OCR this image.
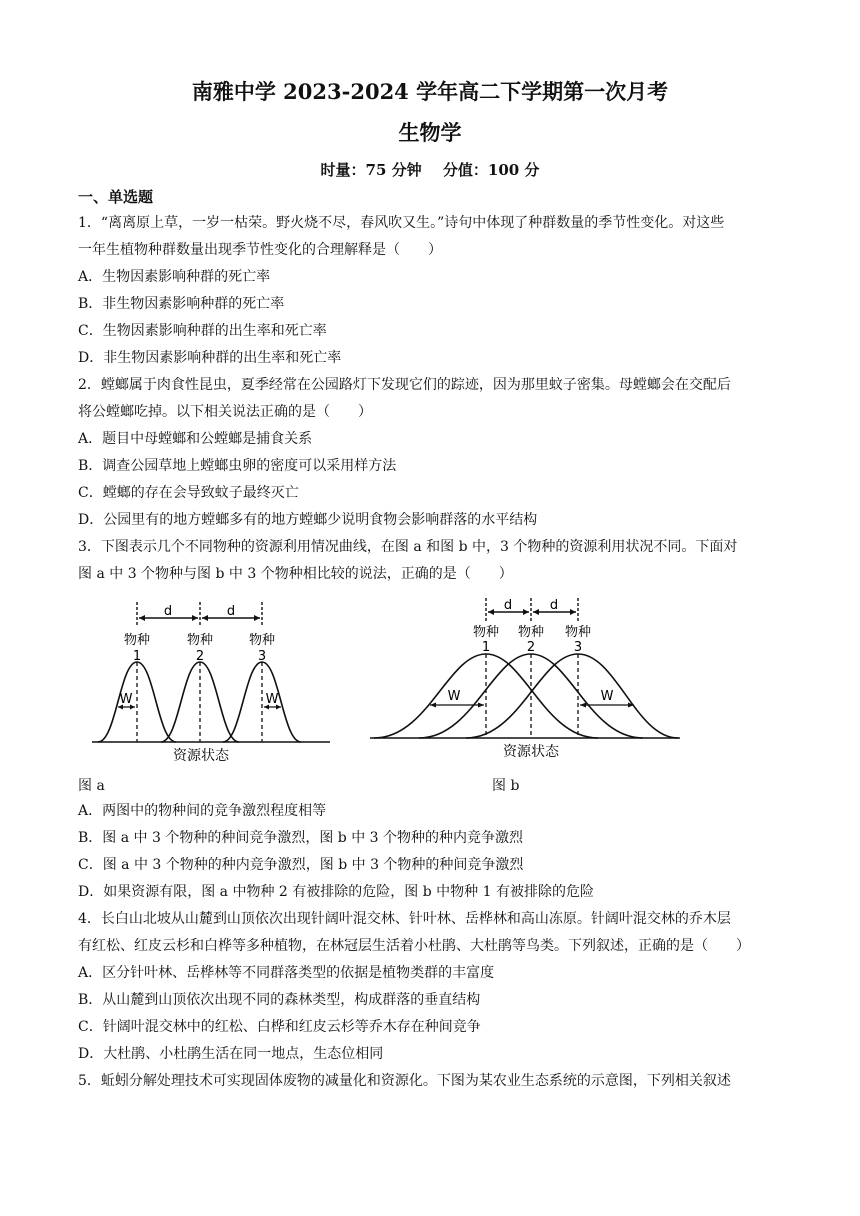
南雅中学 2023-2024 学年高二下学期第一次月考
生物学
时量：75 分钟 分值：100 分
一、单选题
1．“离离原上草，一岁一枯荣。野火烧不尽，春风吹又生。”诗句中体现了种群数量的季节性变化。对这些
一年生植物种群数量出现季节性变化的合理解释是（　　）
A．生物因素影响种群的死亡率
B．非生物因素影响种群的死亡率
C．生物因素影响种群的出生率和死亡率
D．非生物因素影响种群的出生率和死亡率
2．螳螂属于肉食性昆虫，夏季经常在公园路灯下发现它们的踪迹，因为那里蚊子密集。母螳螂会在交配后
将公螳螂吃掉。以下相关说法正确的是（　　）
A．题目中母螳螂和公螳螂是捕食关系
B．调查公园草地上螳螂虫卵的密度可以采用样方法
C．螳螂的存在会导致蚊子最终灭亡
D．公园里有的地方螳螂多有的地方螳螂少说明食物会影响群落的水平结构
3．下图表示几个不同物种的资源利用情况曲线，在图 a 和图 b 中，3 个物种的资源利用状况不同。下面对
图 a 中 3 个物种与图 b 中 3 个物种相比较的说法，正确的是（　　）
d	d
物种	物种	物种
1	2	3
W	W
资源状态
d	d
物种 物种 物种
1	2	3
W	W
资源状态
图 a	图 b
A．两图中的物种间的竞争激烈程度相等
B．图 a 中 3 个物种的种间竞争激烈，图 b 中 3 个物种的种内竞争激烈
C．图 a 中 3 个物种的种内竞争激烈，图 b 中 3 个物种的种间竞争激烈
D．如果资源有限，图 a 中物种 2 有被排除的危险，图 b 中物种 1 有被排除的危险
4．长白山北坡从山麓到山顶依次出现针阔叶混交林、针叶林、岳桦林和高山冻原。针阔叶混交林的乔木层
有红松、红皮云杉和白桦等多种植物，在林冠层生活着小杜鹃、大杜鹃等鸟类。下列叙述，正确的是（　　）
A．区分针叶林、岳桦林等不同群落类型的依据是植物类群的丰富度
B．从山麓到山顶依次出现不同的森林类型，构成群落的垂直结构
C．针阔叶混交林中的红松、白桦和红皮云杉等乔木存在种间竞争
D．大杜鹃、小杜鹃生活在同一地点，生态位相同
5．蚯蚓分解处理技术可实现固体废物的减量化和资源化。下图为某农业生态系统的示意图，下列相关叙述
